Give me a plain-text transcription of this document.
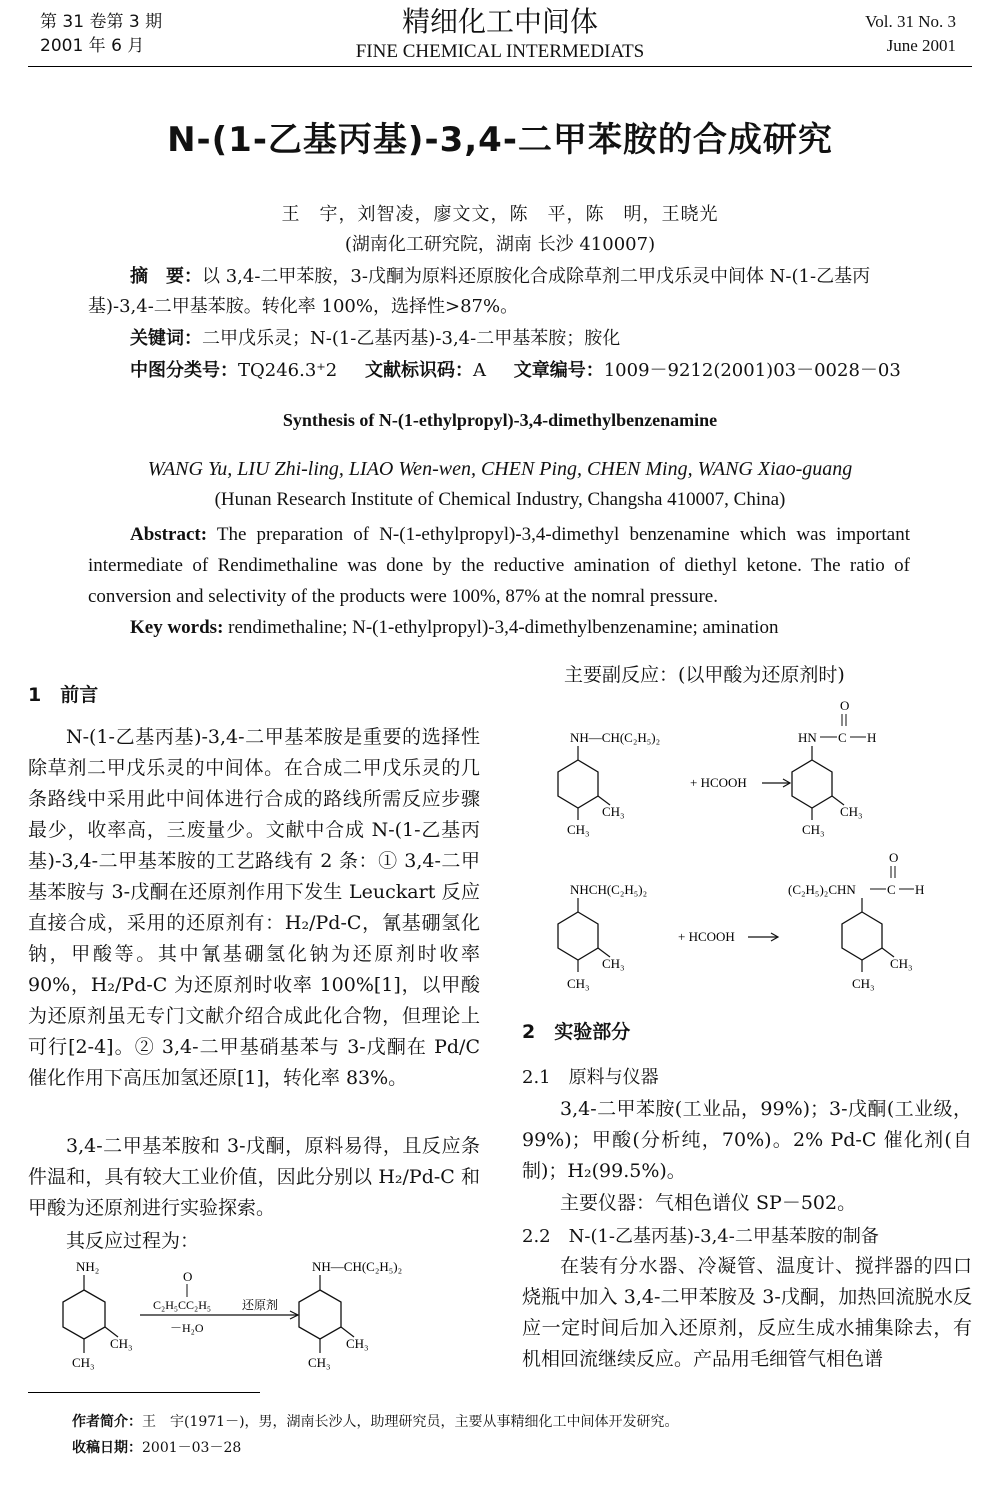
第 31 卷第 3 期
2001 年 6 月
精细化工中间体
FINE CHEMICAL INTERMEDIATS
Vol. 31 No. 3
June 2001
N-(1-乙基丙基)-3,4-二甲苯胺的合成研究
王　宇，刘智凌，廖文文，陈　平，陈　明，王晓光
(湖南化工研究院，湖南 长沙 410007)
摘　要：以 3,4-二甲苯胺，3-戊酮为原料还原胺化合成除草剂二甲戊乐灵中间体 N-(1-乙基丙基)-3,4-二甲基苯胺。转化率 100%，选择性>87%。
关键词：二甲戊乐灵；N-(1-乙基丙基)-3,4-二甲基苯胺；胺化
中图分类号：TQ246.3⁺2 文献标识码：A 文章编号：1009－9212(2001)03－0028－03
Synthesis of N-(1-ethylpropyl)-3,4-dimethylbenzenamine
WANG Yu, LIU Zhi-ling, LIAO Wen-wen, CHEN Ping, CHEN Ming, WANG Xiao-guang
(Hunan Research Institute of Chemical Industry, Changsha 410007, China)
Abstract: The preparation of N-(1-ethylpropyl)-3,4-dimethyl benzenamine which was important intermediate of Rendimethaline was done by the reductive amination of diethyl ketone. The ratio of conversion and selectivity of the products were 100%, 87% at the nomral pressure.
Key words: rendimethaline; N-(1-ethylpropyl)-3,4-dimethylbenzenamine; amination
1　前言
N-(1-乙基丙基)-3,4-二甲基苯胺是重要的选择性除草剂二甲戊乐灵的中间体。在合成二甲戊乐灵的几条路线中采用此中间体进行合成的路线所需反应步骤最少，收率高，三废量少。文献中合成 N-(1-乙基丙基)-3,4-二甲基苯胺的工艺路线有 2 条：① 3,4-二甲基苯胺与 3-戊酮在还原剂作用下发生 Leuckart 反应直接合成，采用的还原剂有：H₂/Pd-C，氰基硼氢化钠，甲酸等。其中氰基硼氢化钠为还原剂时收率 90%，H₂/Pd-C 为还原剂时收率 100%[1]，以甲酸为还原剂虽无专门文献介绍合成此化合物，但理论上可行[2-4]。② 3,4-二甲基硝基苯与 3-戊酮在 Pd/C 催化作用下高压加氢还原[1]，转化率 83%。
3,4-二甲基苯胺和 3-戊酮，原料易得，且反应条件温和，具有较大工业价值，因此分别以 H₂/Pd-C 和甲酸为还原剂进行实验探索。
其反应过程为：
NH₂
CH₃
CH₃
O
C₂H₅CC₂H₅	还原剂
－H₂O
NH—CH(C₂H₅)₂
CH₃
CH₃
主要副反应：(以甲酸为还原剂时)
NH—CH(C₂H₅)₂
CH₃
CH₃
+ HCOOH
O
HN C H
CH₃
CH₃
NHCH(C₂H₅)₂
CH₃
CH₃
+ HCOOH
O
(C₂H₅)₂CHN C H
CH₃
CH₃
2　实验部分
2.1　原料与仪器
3,4-二甲苯胺(工业品，99%)；3-戊酮(工业级，99%)；甲酸(分析纯，70%)。2% Pd-C 催化剂(自制)；H₂(99.5%)。
主要仪器：气相色谱仪 SP－502。
2.2　N-(1-乙基丙基)-3,4-二甲基苯胺的制备
在装有分水器、冷凝管、温度计、搅拌器的四口烧瓶中加入 3,4-二甲苯胺及 3-戊酮，加热回流脱水反应一定时间后加入还原剂，反应生成水捕集除去，有机相回流继续反应。产品用毛细管气相色谱
作者简介：王　宇(1971－)，男，湖南长沙人，助理研究员，主要从事精细化工中间体开发研究。
收稿日期：2001－03－28
